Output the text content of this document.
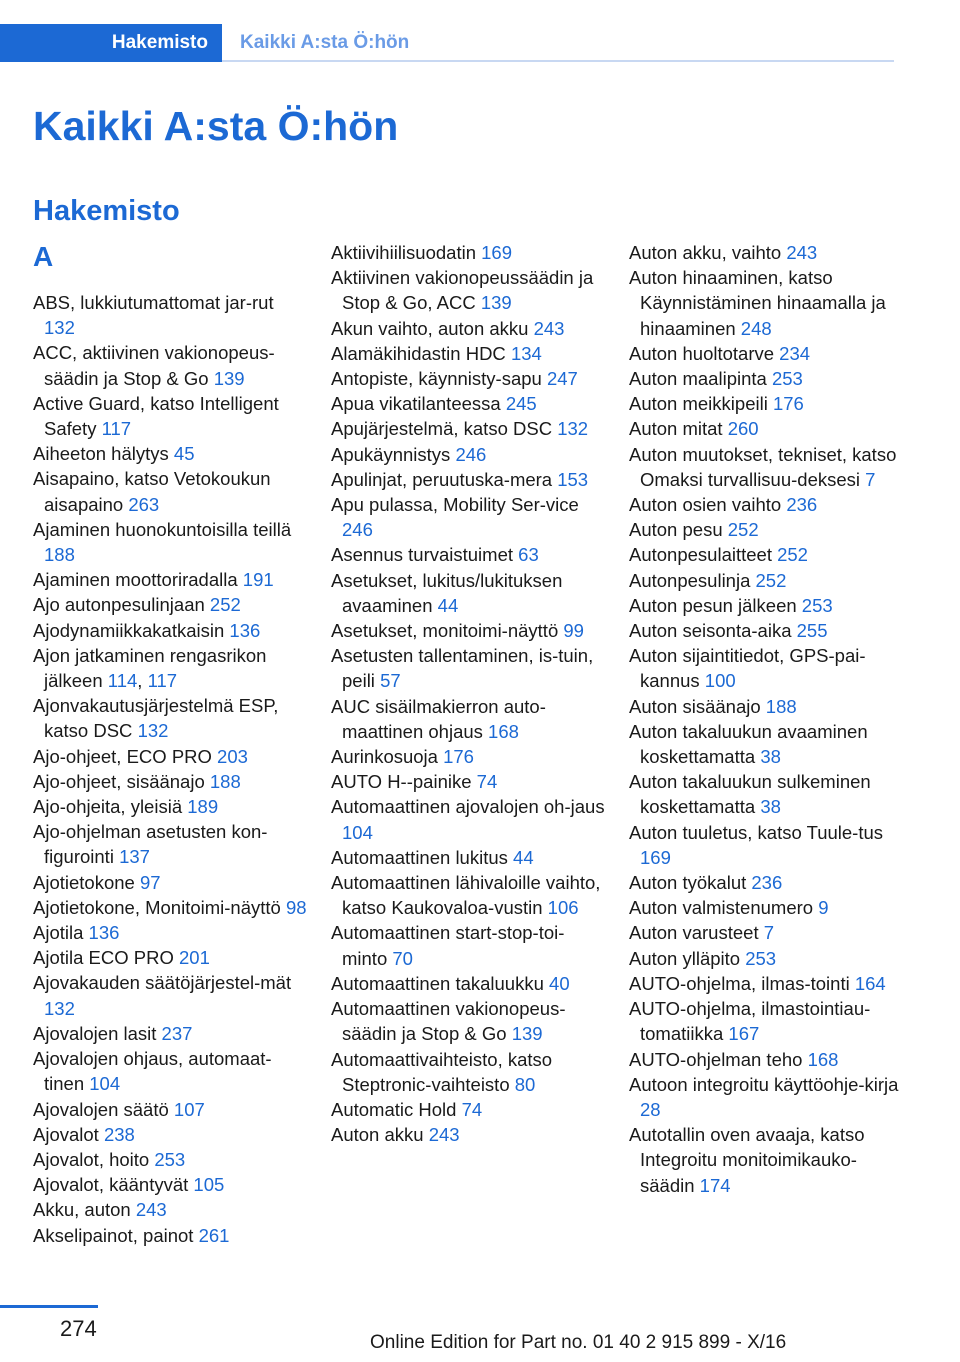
Hakemisto Kaikki A:sta Ö:hön
Kaikki A:sta Ö:hön
Hakemisto
A
ABS, lukkiutumattomat jar‐rut 132
ACC, aktiivinen vakionopeus‐säädin ja Stop & Go 139
Active Guard, katso Intelligent Safety 117
Aiheeton hälytys 45
Aisapaino, katso Vetokoukun aisapaino 263
Ajaminen huonokuntoisilla teillä 188
Ajaminen moottoriradalla 191
Ajo autonpesulinjaan 252
Ajodynamiikkakatkaisin 136
Ajon jatkaminen rengasrikon jälkeen 114, 117
Ajonvakautusjärjestelmä ESP, katso DSC 132
Ajo-ohjeet, ECO PRO 203
Ajo-ohjeet, sisäänajo 188
Ajo-ohjeita, yleisiä 189
Ajo-ohjelman asetusten kon‐figurointi 137
Ajotietokone 97
Ajotietokone, Monitoimi‐näyttö 98
Ajotila 136
Ajotila ECO PRO 201
Ajovakauden säätöjärjestel‐mät 132
Ajovalojen lasit 237
Ajovalojen ohjaus, automaat‐tinen 104
Ajovalojen säätö 107
Ajovalot 238
Ajovalot, hoito 253
Ajovalot, kääntyvät 105
Akku, auton 243
Akselipainot, painot 261
Aktiivihiilisuodatin 169
Aktiivinen vakionopeussäädin ja Stop & Go, ACC 139
Akun vaihto, auton akku 243
Alamäkihidastin HDC 134
Antopiste, käynnisty‐sapu 247
Apua vikatilanteessa 245
Apujärjestelmä, katso DSC 132
Apukäynnistys 246
Apulinjat, peruutuska‐mera 153
Apu pulassa, Mobility Ser‐vice 246
Asennus turvaistuimet 63
Asetukset, lukitus/lukituksen avaaminen 44
Asetukset, monitoimi‐näyttö 99
Asetusten tallentaminen, is‐tuin, peili 57
AUC sisäilmakierron auto‐maattinen ohjaus 168
Aurinkosuoja 176
AUTO H--painike 74
Automaattinen ajovalojen oh‐jaus 104
Automaattinen lukitus 44
Automaattinen lähivaloille vaihto, katso Kaukovaloa‐vustin 106
Automaattinen start-stop-toi‐minto 70
Automaattinen takaluukku 40
Automaattinen vakionopeus‐säädin ja Stop & Go 139
Automaattivaihteisto, katso Steptronic-vaihteisto 80
Automatic Hold 74
Auton akku 243
Auton akku, vaihto 243
Auton hinaaminen, katso Käynnistäminen hinaamalla ja hinaaminen 248
Auton huoltotarve 234
Auton maalipinta 253
Auton meikkipeili 176
Auton mitat 260
Auton muutokset, tekniset, katso Omaksi turvallisuu‐deksesi 7
Auton osien vaihto 236
Auton pesu 252
Autonpesulaitteet 252
Autonpesulinja 252
Auton pesun jälkeen 253
Auton seisonta-aika 255
Auton sijaintitiedot, GPS-pai‐kannus 100
Auton sisäänajo 188
Auton takaluukun avaaminen koskettamatta 38
Auton takaluukun sulkeminen koskettamatta 38
Auton tuuletus, katso Tuule‐tus 169
Auton työkalut 236
Auton valmistenumero 9
Auton varusteet 7
Auton ylläpito 253
AUTO-ohjelma, ilmas‐tointi 164
AUTO-ohjelma, ilmastointiau‐tomatiikka 167
AUTO-ohjelman teho 168
Autoon integroitu käyttöohje‐kirja 28
Autotallin oven avaaja, katso Integroitu monitoimikauko‐säädin 174
274
Online Edition for Part no. 01 40 2 915 899 - X/16
